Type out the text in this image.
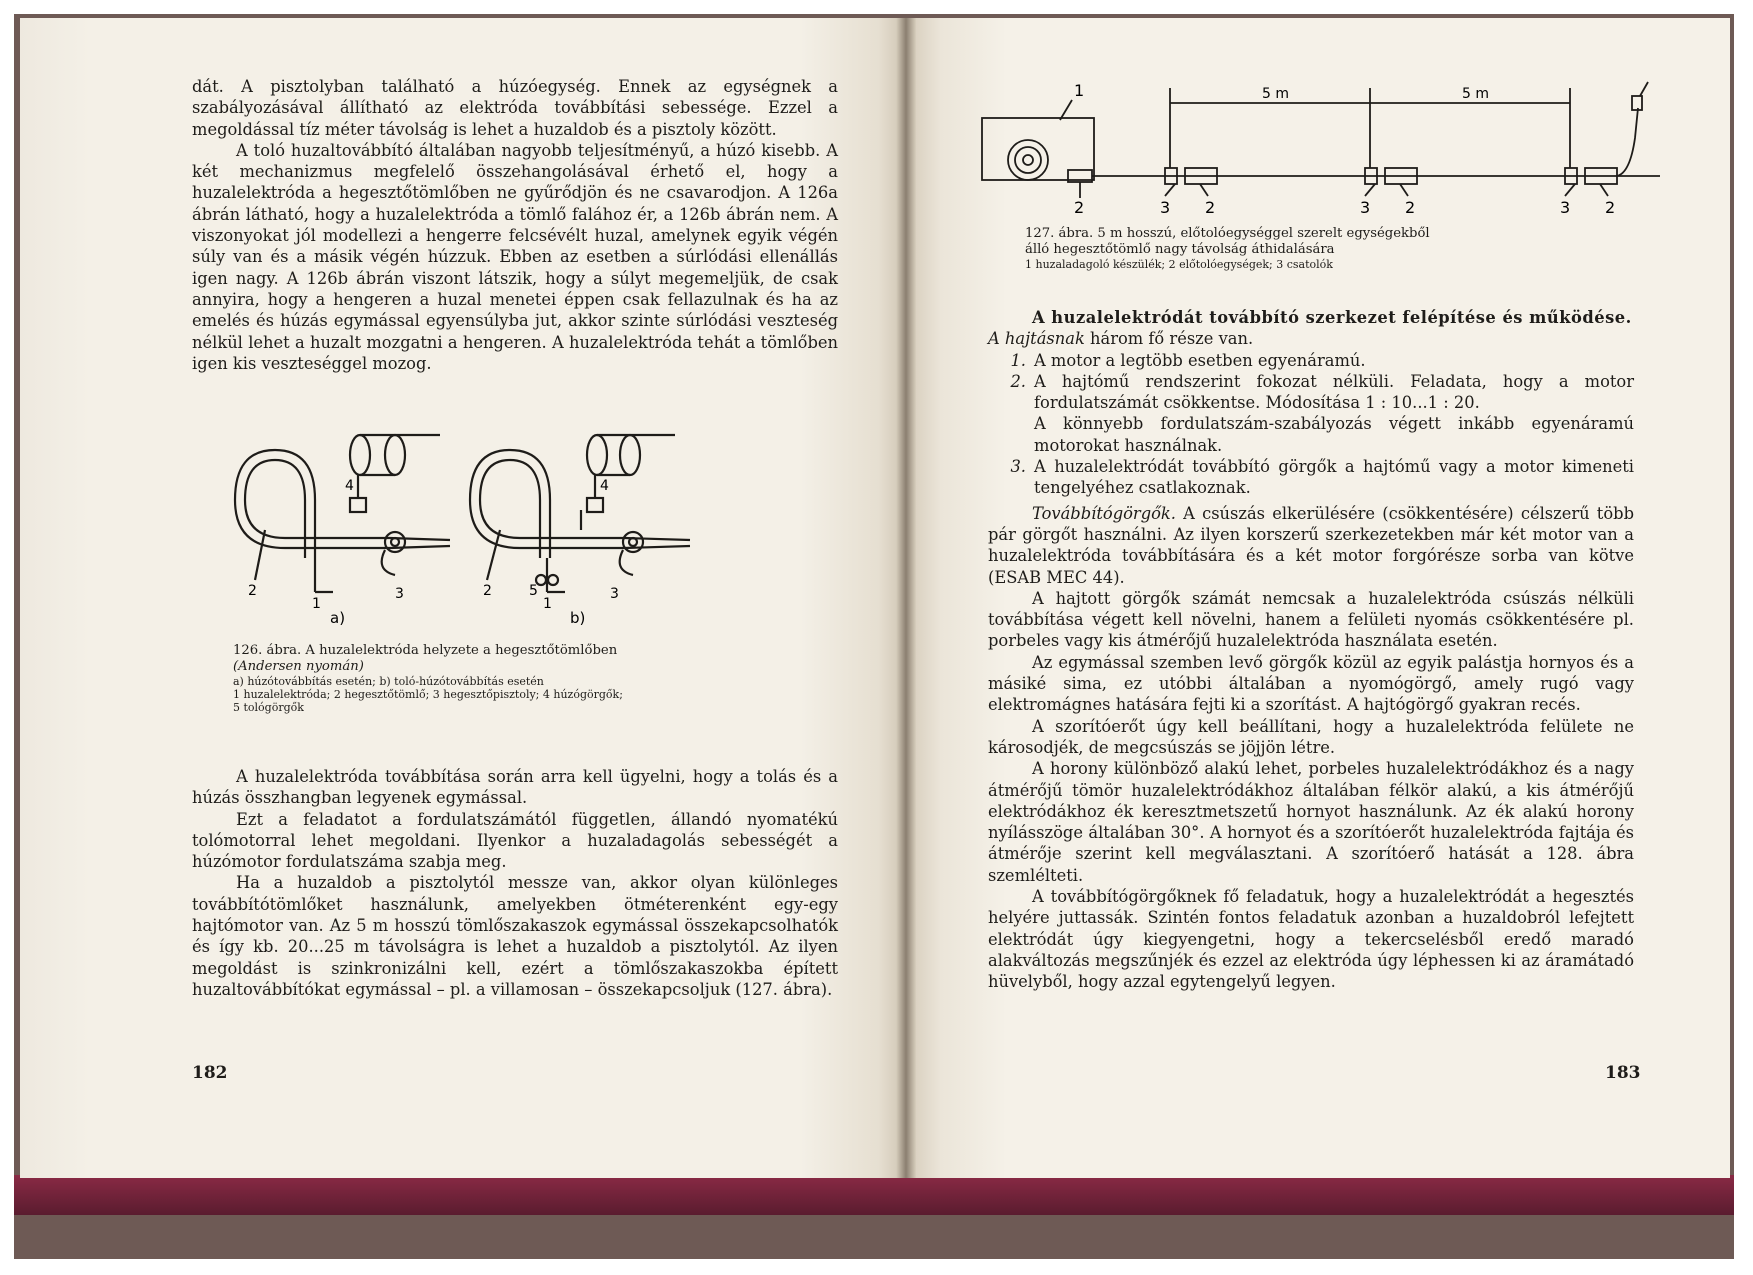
dát. A pisztolyban található a húzóegység. Ennek az egységnek a szabályozásával állítható az elektróda továbbítási sebessége. Ezzel a megoldással tíz méter távolság is lehet a huzaldob és a pisztoly között.

A toló huzaltovábbító általában nagyobb teljesítményű, a húzó kisebb. A két mechanizmus megfelelő összehangolásával érhető el, hogy a huzalelektróda a hegesztőtömlőben ne gyűrődjön és ne csavarodjon. A 126a ábrán látható, hogy a huzalelektróda a tömlő falához ér, a 126b ábrán nem. A viszonyokat jól modellezi a hengerre felcsévélt huzal, amelynek egyik végén súly van és a másik végén húzzuk. Ebben az esetben a súrlódási ellenállás igen nagy. A 126b ábrán viszont látszik, hogy a súlyt megemeljük, de csak annyira, hogy a hengeren a huzal menetei éppen csak fellazulnak és ha az emelés és húzás egymással egyensúlyba jut, akkor szinte súrlódási veszteség nélkül lehet a huzalt mozgatni a hengeren. A huzalelektróda tehát a tömlőben igen kis veszteséggel mozog.

4
2
1
3
a)
4
2	5
1
3
b)
126. ábra. A huzalelektróda helyzete a hegesztőtömlőben
(Andersen nyomán)
a) húzótovábbítás esetén; b) toló-húzótovábbítás esetén
1 huzalelektróda; 2 hegesztőtömlő; 3 hegesztőpisztoly; 4 húzógörgők;
5 tológörgők

A huzalelektróda továbbítása során arra kell ügyelni, hogy a tolás és a húzás összhangban legyenek egymással.

Ezt a feladatot a fordulatszámától független, állandó nyomatékú tolómotorral lehet megoldani. Ilyenkor a huzaladagolás sebességét a húzómotor fordulatszáma szabja meg.

Ha a huzaldob a pisztolytól messze van, akkor olyan különleges továbbítótömlőket használunk, amelyekben ötméterenként egy-egy hajtómotor van. Az 5 m hosszú tömlőszakaszok egymással összekapcsolhatók és így kb. 20...25 m távolságra is lehet a huzaldob a pisztolytól. Az ilyen megoldást is szinkronizálni kell, ezért a tömlőszakaszokba épített huzaltovábbítókat egymással – pl. a villamosan – összekapcsoljuk (127. ábra).

182
5 m	5 m
1
2	3 2	3 2	3 2
127. ábra. 5 m hosszú, előtolóegységgel szerelt egységekből álló hegesztőtömlő nagy távolság áthidalására
1 huzaladagoló készülék; 2 előtolóegységek; 3 csatolók

A huzalelektródát továbbító szerkezet felépítése és működése.

A hajtásnak három fő része van.

1. A motor a legtöbb esetben egyenáramú.
2. A hajtómű rendszerint fokozat nélküli. Feladata, hogy a motor fordulatszámát csökkentse. Módosítása 1 : 10...1 : 20.
A könnyebb fordulatszám-szabályozás végett inkább egyenáramú motorokat használnak.
3. A huzalelektródát továbbító görgők a hajtómű vagy a motor kimeneti tengelyéhez csatlakoznak.

Továbbítógörgők. A csúszás elkerülésére (csökkentésére) célszerű több pár görgőt használni. Az ilyen korszerű szerkezetekben már két motor van a huzalelektróda továbbítására és a két motor forgórésze sorba van kötve (ESAB MEC 44).

A hajtott görgők számát nemcsak a huzalelektróda csúszás nélküli továbbítása végett kell növelni, hanem a felületi nyomás csökkentésére pl. porbeles vagy kis átmérőjű huzalelektróda használata esetén.

Az egymással szemben levő görgők közül az egyik palástja hornyos és a másiké sima, ez utóbbi általában a nyomógörgő, amely rugó vagy elektromágnes hatására fejti ki a szorítást. A hajtógörgő gyakran recés.

A szorítóerőt úgy kell beállítani, hogy a huzalelektróda felülete ne károsodjék, de megcsúszás se jöjjön létre.

A horony különböző alakú lehet, porbeles huzalelektródákhoz és a nagy átmérőjű tömör huzalelektródákhoz általában félkör alakú, a kis átmérőjű elektródákhoz ék keresztmetszetű hornyot használunk. Az ék alakú horony nyílásszöge általában 30°. A hornyot és a szorítóerőt huzalelektróda fajtája és átmérője szerint kell megválasztani. A szorítóerő hatását a 128. ábra szemlélteti.

A továbbítógörgőknek fő feladatuk, hogy a huzalelektródát a hegesztés helyére juttassák. Szintén fontos feladatuk azonban a huzaldobról lefejtett elektródát úgy kiegyengetni, hogy a tekercselésből eredő maradó alakváltozás megszűnjék és ezzel az elektróda úgy léphessen ki az áramátadó hüvelyből, hogy azzal egytengelyű legyen.

183
